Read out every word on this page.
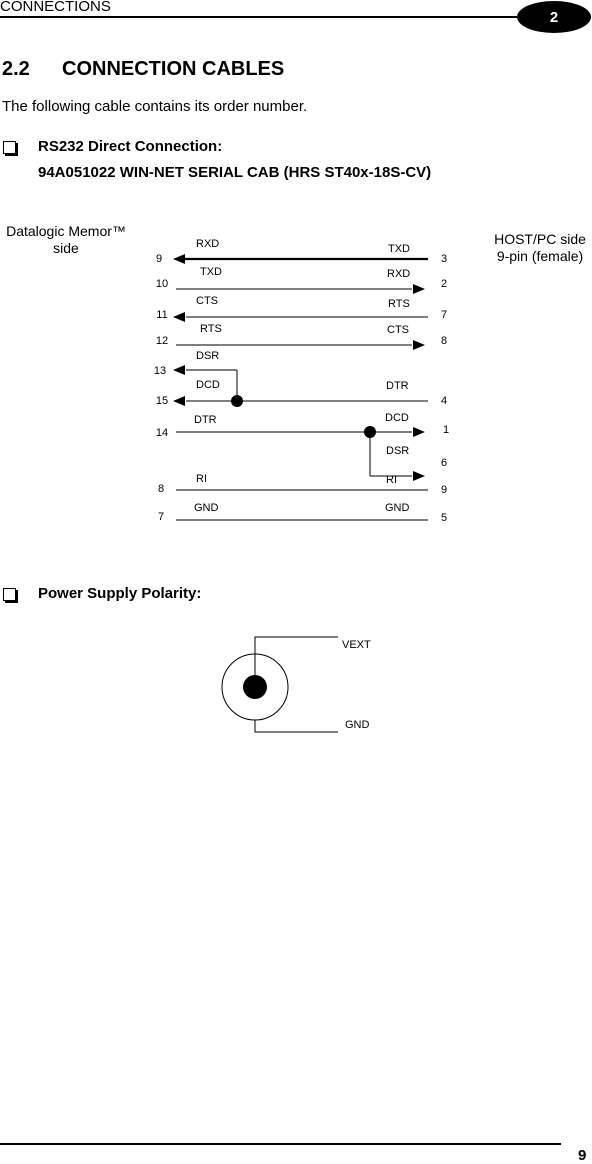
CONNECTIONS
2
2.2 CONNECTION CABLES
The following cable contains its order number.
RS232 Direct Connection:
94A051022 WIN-NET SERIAL CAB (HRS ST40x-18S-CV)
Datalogic Memor™
side
HOST/PC side
9-pin (female)
9
10
11
12
13
15
14
8
7
3
2
7
8
4
1
6
9
5
RXD
TXD
CTS
RTS
DSR
DCD
DTR
RI
GND
TXD
RXD
RTS
CTS
DTR
DCD
DSR
RI
GND
Power Supply Polarity:
VEXT
GND
9
